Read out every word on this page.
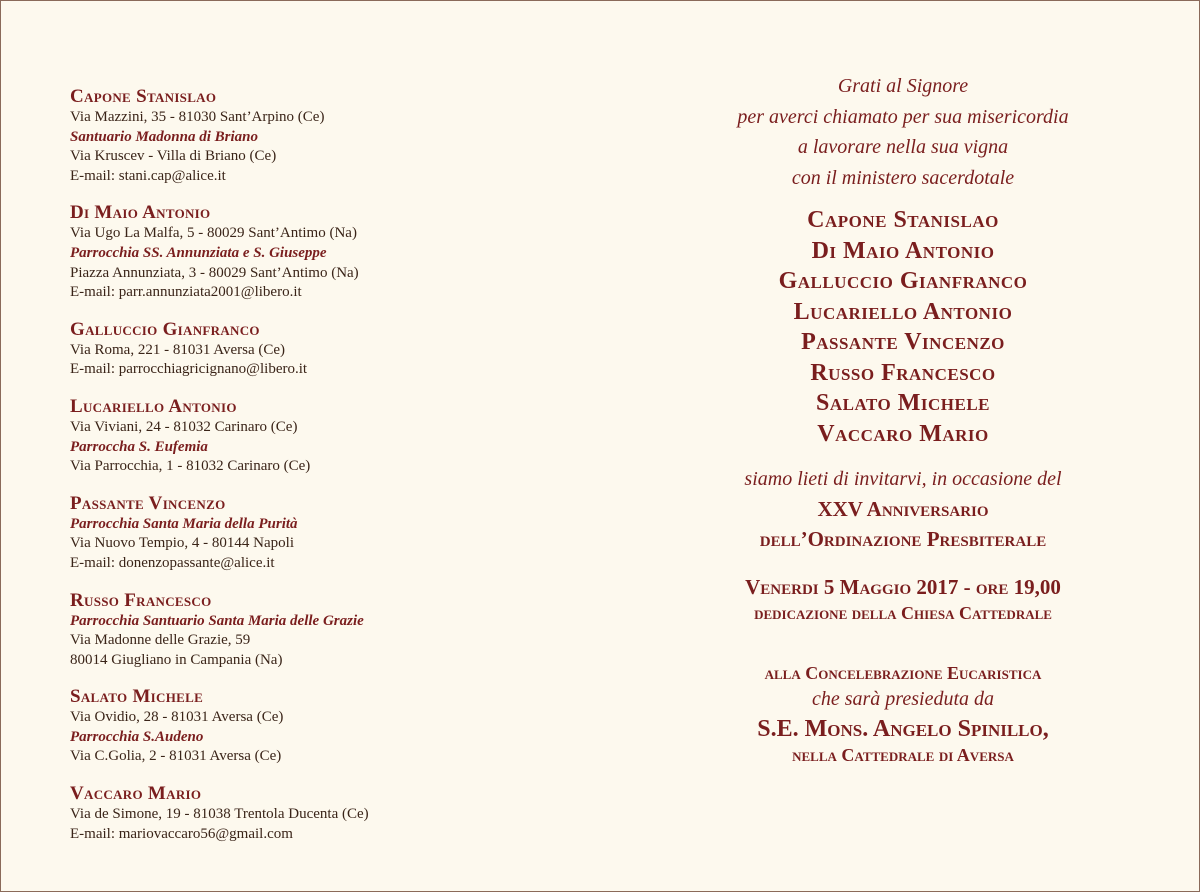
Capone Stanislao
Via Mazzini, 35 - 81030 Sant’Arpino (Ce)
Santuario Madonna di Briano
Via Kruscev - Villa di Briano (Ce)
E-mail: stani.cap@alice.it
Di Maio Antonio
Via Ugo La Malfa, 5 - 80029 Sant’Antimo (Na)
Parrocchia SS. Annunziata e S. Giuseppe
Piazza Annunziata, 3 - 80029 Sant’Antimo (Na)
E-mail: parr.annunziata2001@libero.it
Galluccio Gianfranco
Via Roma, 221 - 81031 Aversa (Ce)
E-mail: parrocchiagricignano@libero.it
Lucariello Antonio
Via Viviani, 24 - 81032 Carinaro (Ce)
Parroccha S. Eufemia
Via Parrocchia, 1 - 81032 Carinaro (Ce)
Passante Vincenzo
Parrocchia Santa Maria della Purità
Via Nuovo Tempio, 4 - 80144 Napoli
E-mail: donenzopassante@alice.it
Russo Francesco
Parrocchia Santuario Santa Maria delle Grazie
Via Madonne delle Grazie, 59
80014 Giugliano in Campania (Na)
Salato Michele
Via Ovidio, 28 - 81031 Aversa (Ce)
Parrocchia S.Audeno
Via C.Golia, 2 - 81031 Aversa (Ce)
Vaccaro Mario
Via de Simone, 19 - 81038 Trentola Ducenta (Ce)
E-mail: mariovaccaro56@gmail.com
Grati al Signore
per averci chiamato per sua misericordia
a lavorare nella sua vigna
con il ministero sacerdotale
Capone Stanislao
Di Maio Antonio
Galluccio Gianfranco
Lucariello Antonio
Passante Vincenzo
Russo Francesco
Salato Michele
Vaccaro Mario
siamo lieti di invitarvi, in occasione del
XXV Anniversario
dell’Ordinazione Presbiterale
Venerdi 5 Maggio 2017 - ore 19,00
dedicazione della Chiesa Cattedrale
alla Concelebrazione Eucaristica
che sarà presieduta da
S.E. Mons. Angelo Spinillo,
nella Cattedrale di Aversa
